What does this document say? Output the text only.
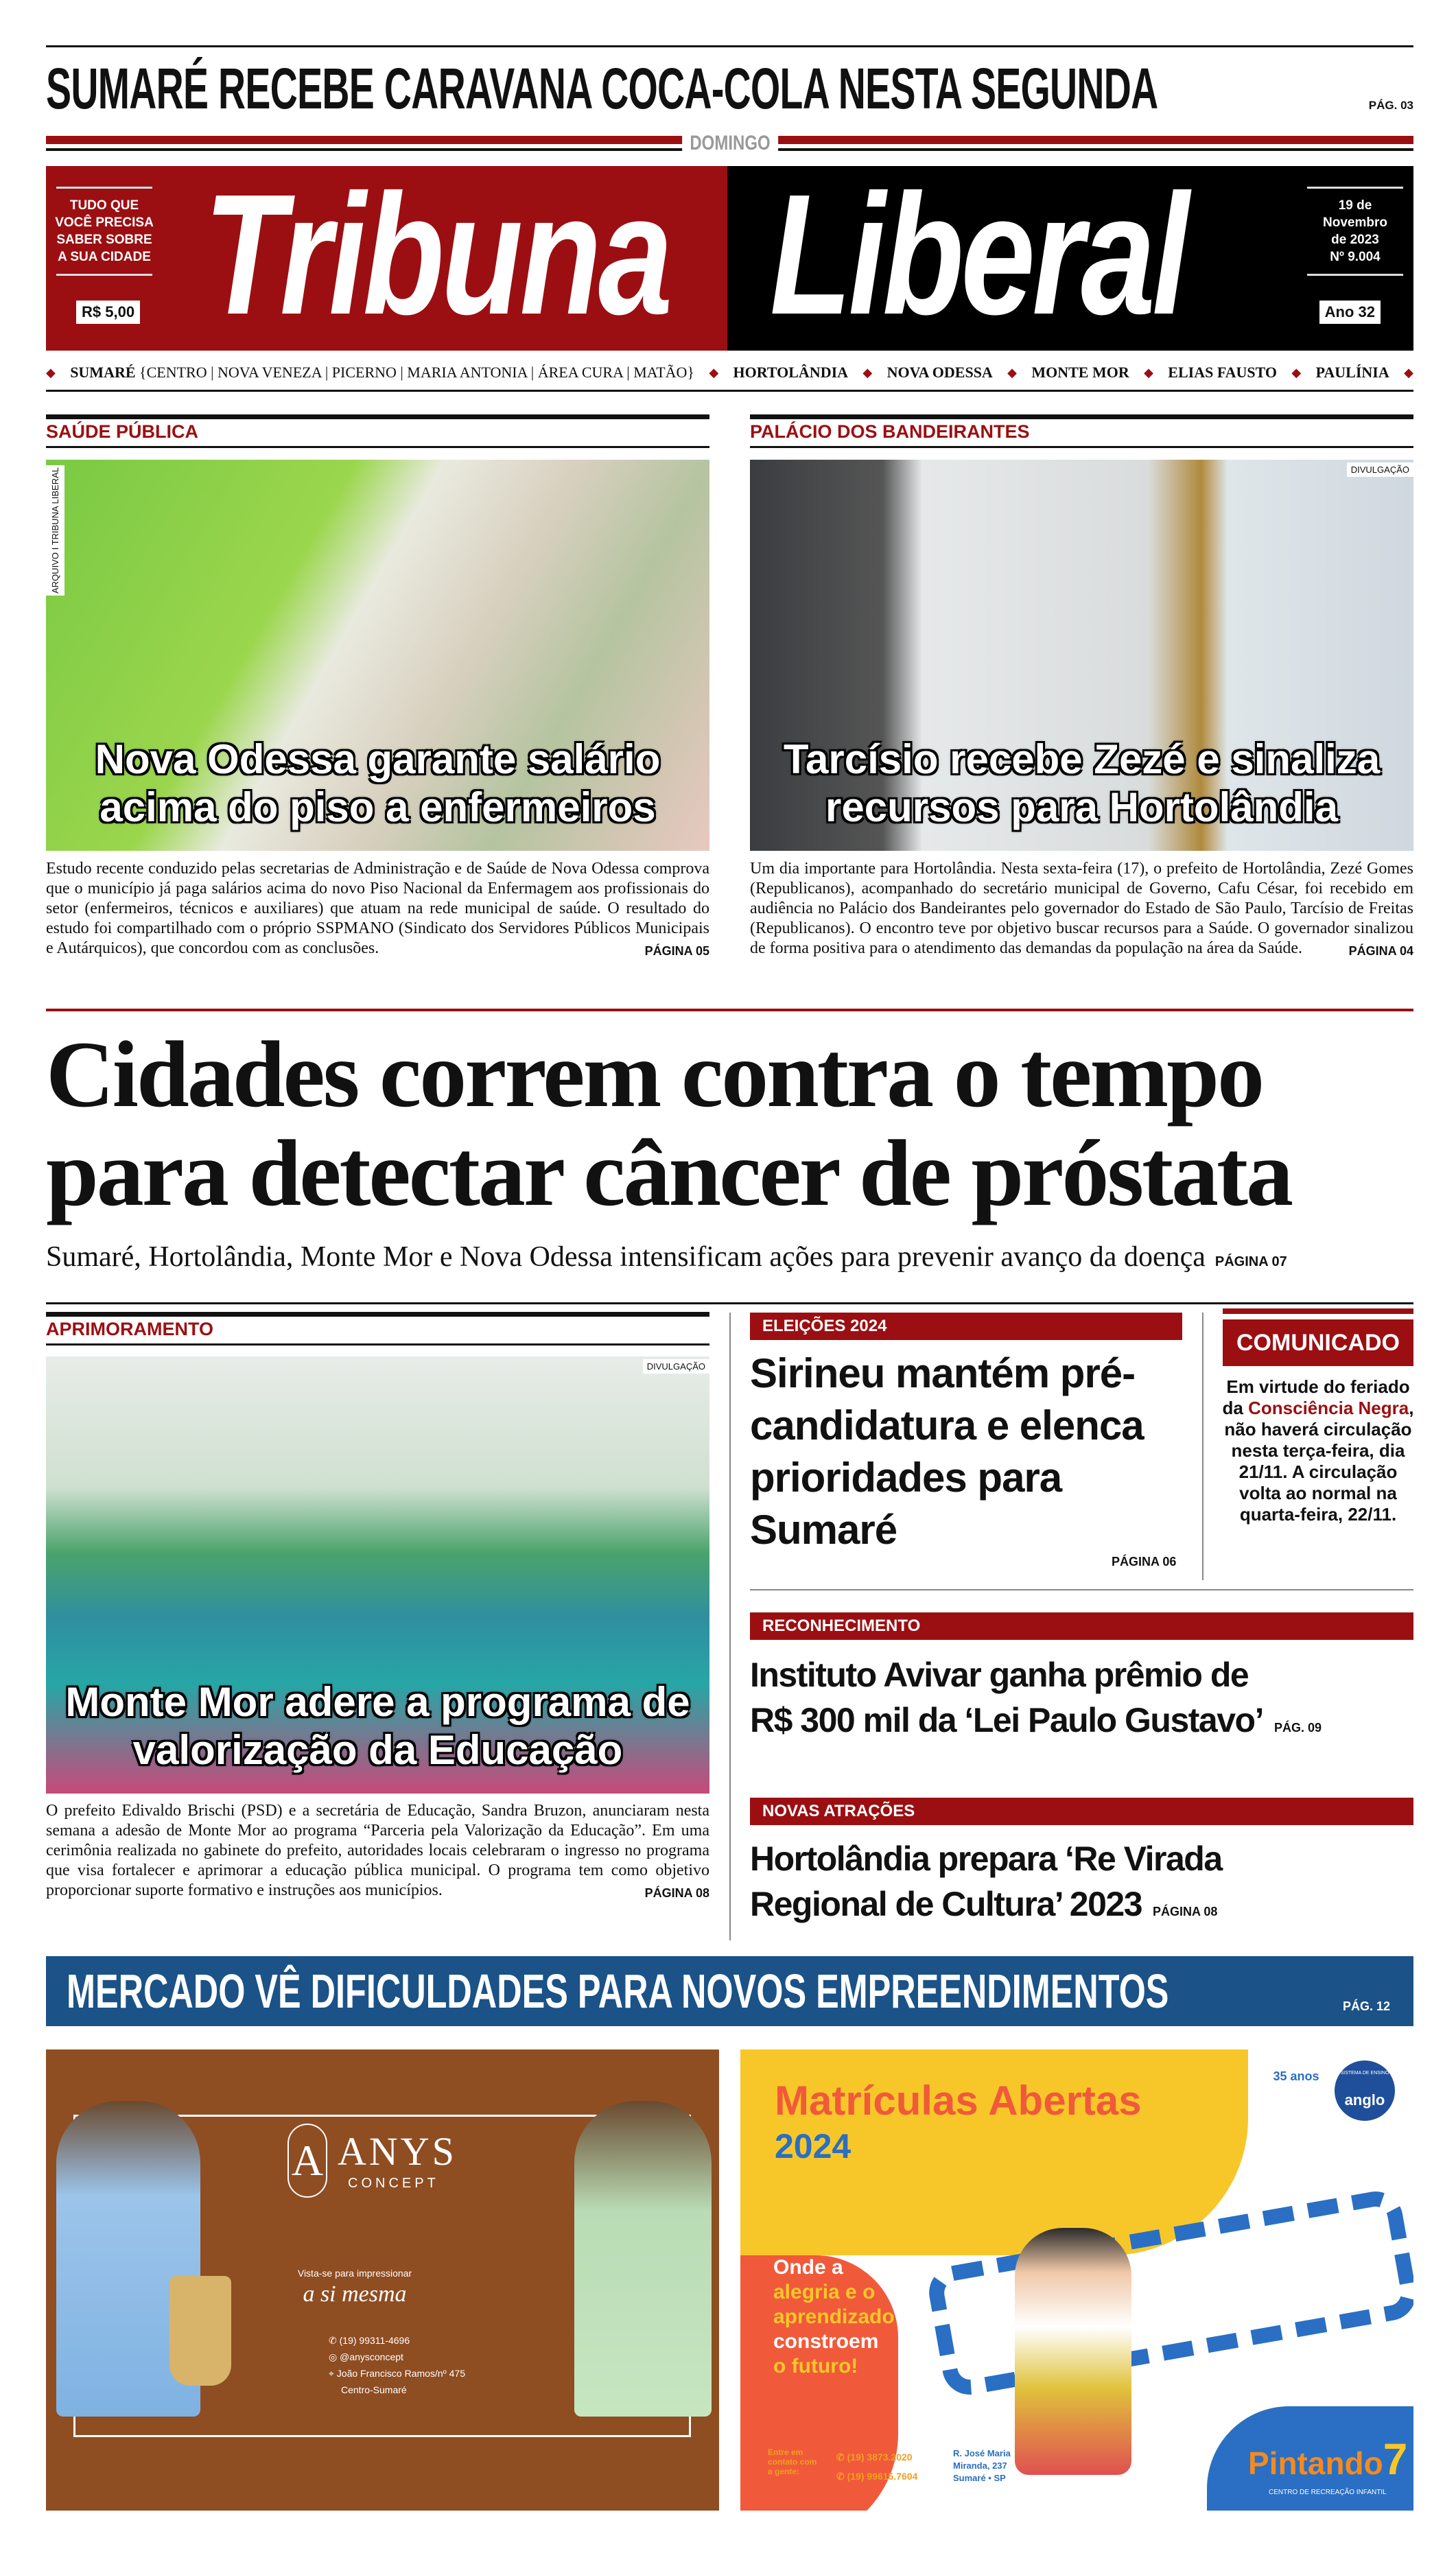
SUMARÉ RECEBE CARAVANA COCA-COLA NESTA SEGUNDA	PÁG. 03
DOMINGO
TUDO QUE
VOCÊ PRECISA
SABER SOBRE
A SUA CIDADE
R$ 5,00 Tribuna Liberal	19 de
Novembro
de 2023
Nº 9.004
Ano 32
◆ SUMARÉ {CENTRO | NOVA VENEZA | PICERNO | MARIA ANTONIA | ÁREA CURA | MATÃO} ◆ HORTOLÂNDIA ◆ NOVA ODESSA ◆ MONTE MOR ◆ ELIAS FAUSTO ◆ PAULÍNIA ◆
SAÚDE PÚBLICA
Nova Odessa garante salário acima do piso a enfermeiros
ARQUIVO I TRIBUNA LIBERAL
Estudo recente conduzido pelas secretarias de Administração e de Saúde de Nova Odessa comprova que o município já paga salários acima do novo Piso Nacional da Enfermagem aos profissionais do setor (enfermeiros, técnicos e auxiliares) que atuam na rede municipal de saúde. O resultado do estudo foi compartilhado com o próprio SSPMANO (Sindicato dos Servidores Públicos Municipais e Autárquicos), que concordou com as conclusões.	PÁGINA 05
PALÁCIO DOS BANDEIRANTES
Tarcísio recebe Zezé e sinaliza recursos para Hortolândia
DIVULGAÇÃO
Um dia importante para Hortolândia. Nesta sexta-feira (17), o prefeito de Hortolândia, Zezé Gomes (Republicanos), acompanhado do secretário municipal de Governo, Cafu César, foi recebido em audiência no Palácio dos Bandeirantes pelo governador do Estado de São Paulo, Tarcísio de Freitas (Republicanos). O encontro teve por objetivo buscar recursos para a Saúde. O governador sinalizou de forma positiva para o atendimento das demandas da população na área da Saúde.	PÁGINA 04
Cidades correm contra o tempo
para detectar câncer de próstata
Sumaré, Hortolândia, Monte Mor e Nova Odessa intensificam ações para prevenir avanço da doença PÁGINA 07
APRIMORAMENTO
Monte Mor adere a programa de valorização da Educação
DIVULGAÇÃO
O prefeito Edivaldo Brischi (PSD) e a secretária de Educação, Sandra Bruzon, anunciaram nesta semana a adesão de Monte Mor ao programa “Parceria pela Valorização da Educação”. Em uma cerimônia realizada no gabinete do prefeito, autoridades locais celebraram o ingresso no programa que visa fortalecer e aprimorar a educação pública municipal. O programa tem como objetivo proporcionar suporte formativo e instruções aos municípios.	PÁGINA 08
ELEIÇÕES 2024
Sirineu mantém pré-candidatura e elenca prioridades para Sumaré
PÁGINA 06
COMUNICADO
Em virtude do feriado da Consciência Negra, não haverá circulação nesta terça-feira, dia 21/11. A circulação volta ao normal na quarta-feira, 22/11.
RECONHECIMENTO
Instituto Avivar ganha prêmio de
R$ 300 mil da ‘Lei Paulo Gustavo’ PÁG. 09
NOVAS ATRAÇÕES
Hortolândia prepara ‘Re Virada
Regional de Cultura’ 2023 PÁGINA 08
MERCADO VÊ DIFICULDADES PARA NOVOS EMPREENDIMENTOS	PÁG. 12
A ANYS
CONCEPT
Vista-se para impressionar
a si mesma
✆ (19) 99311-4696
◎ @anysconcept
⌖ João Francisco Ramos/nº 475
Centro-Sumaré
Matrículas Abertas
2024
Onde a
alegria e o
aprendizado
constroem
o futuro!
35 anos	SISTEMA DE ENSINO
anglo
Entre em contato com a gente:
✆ (19) 3873.2020
✆ (19) 99615.7604
R. José Maria Miranda, 237 Sumaré • SP	Pintando7
CENTRO DE RECREAÇÃO INFANTIL
